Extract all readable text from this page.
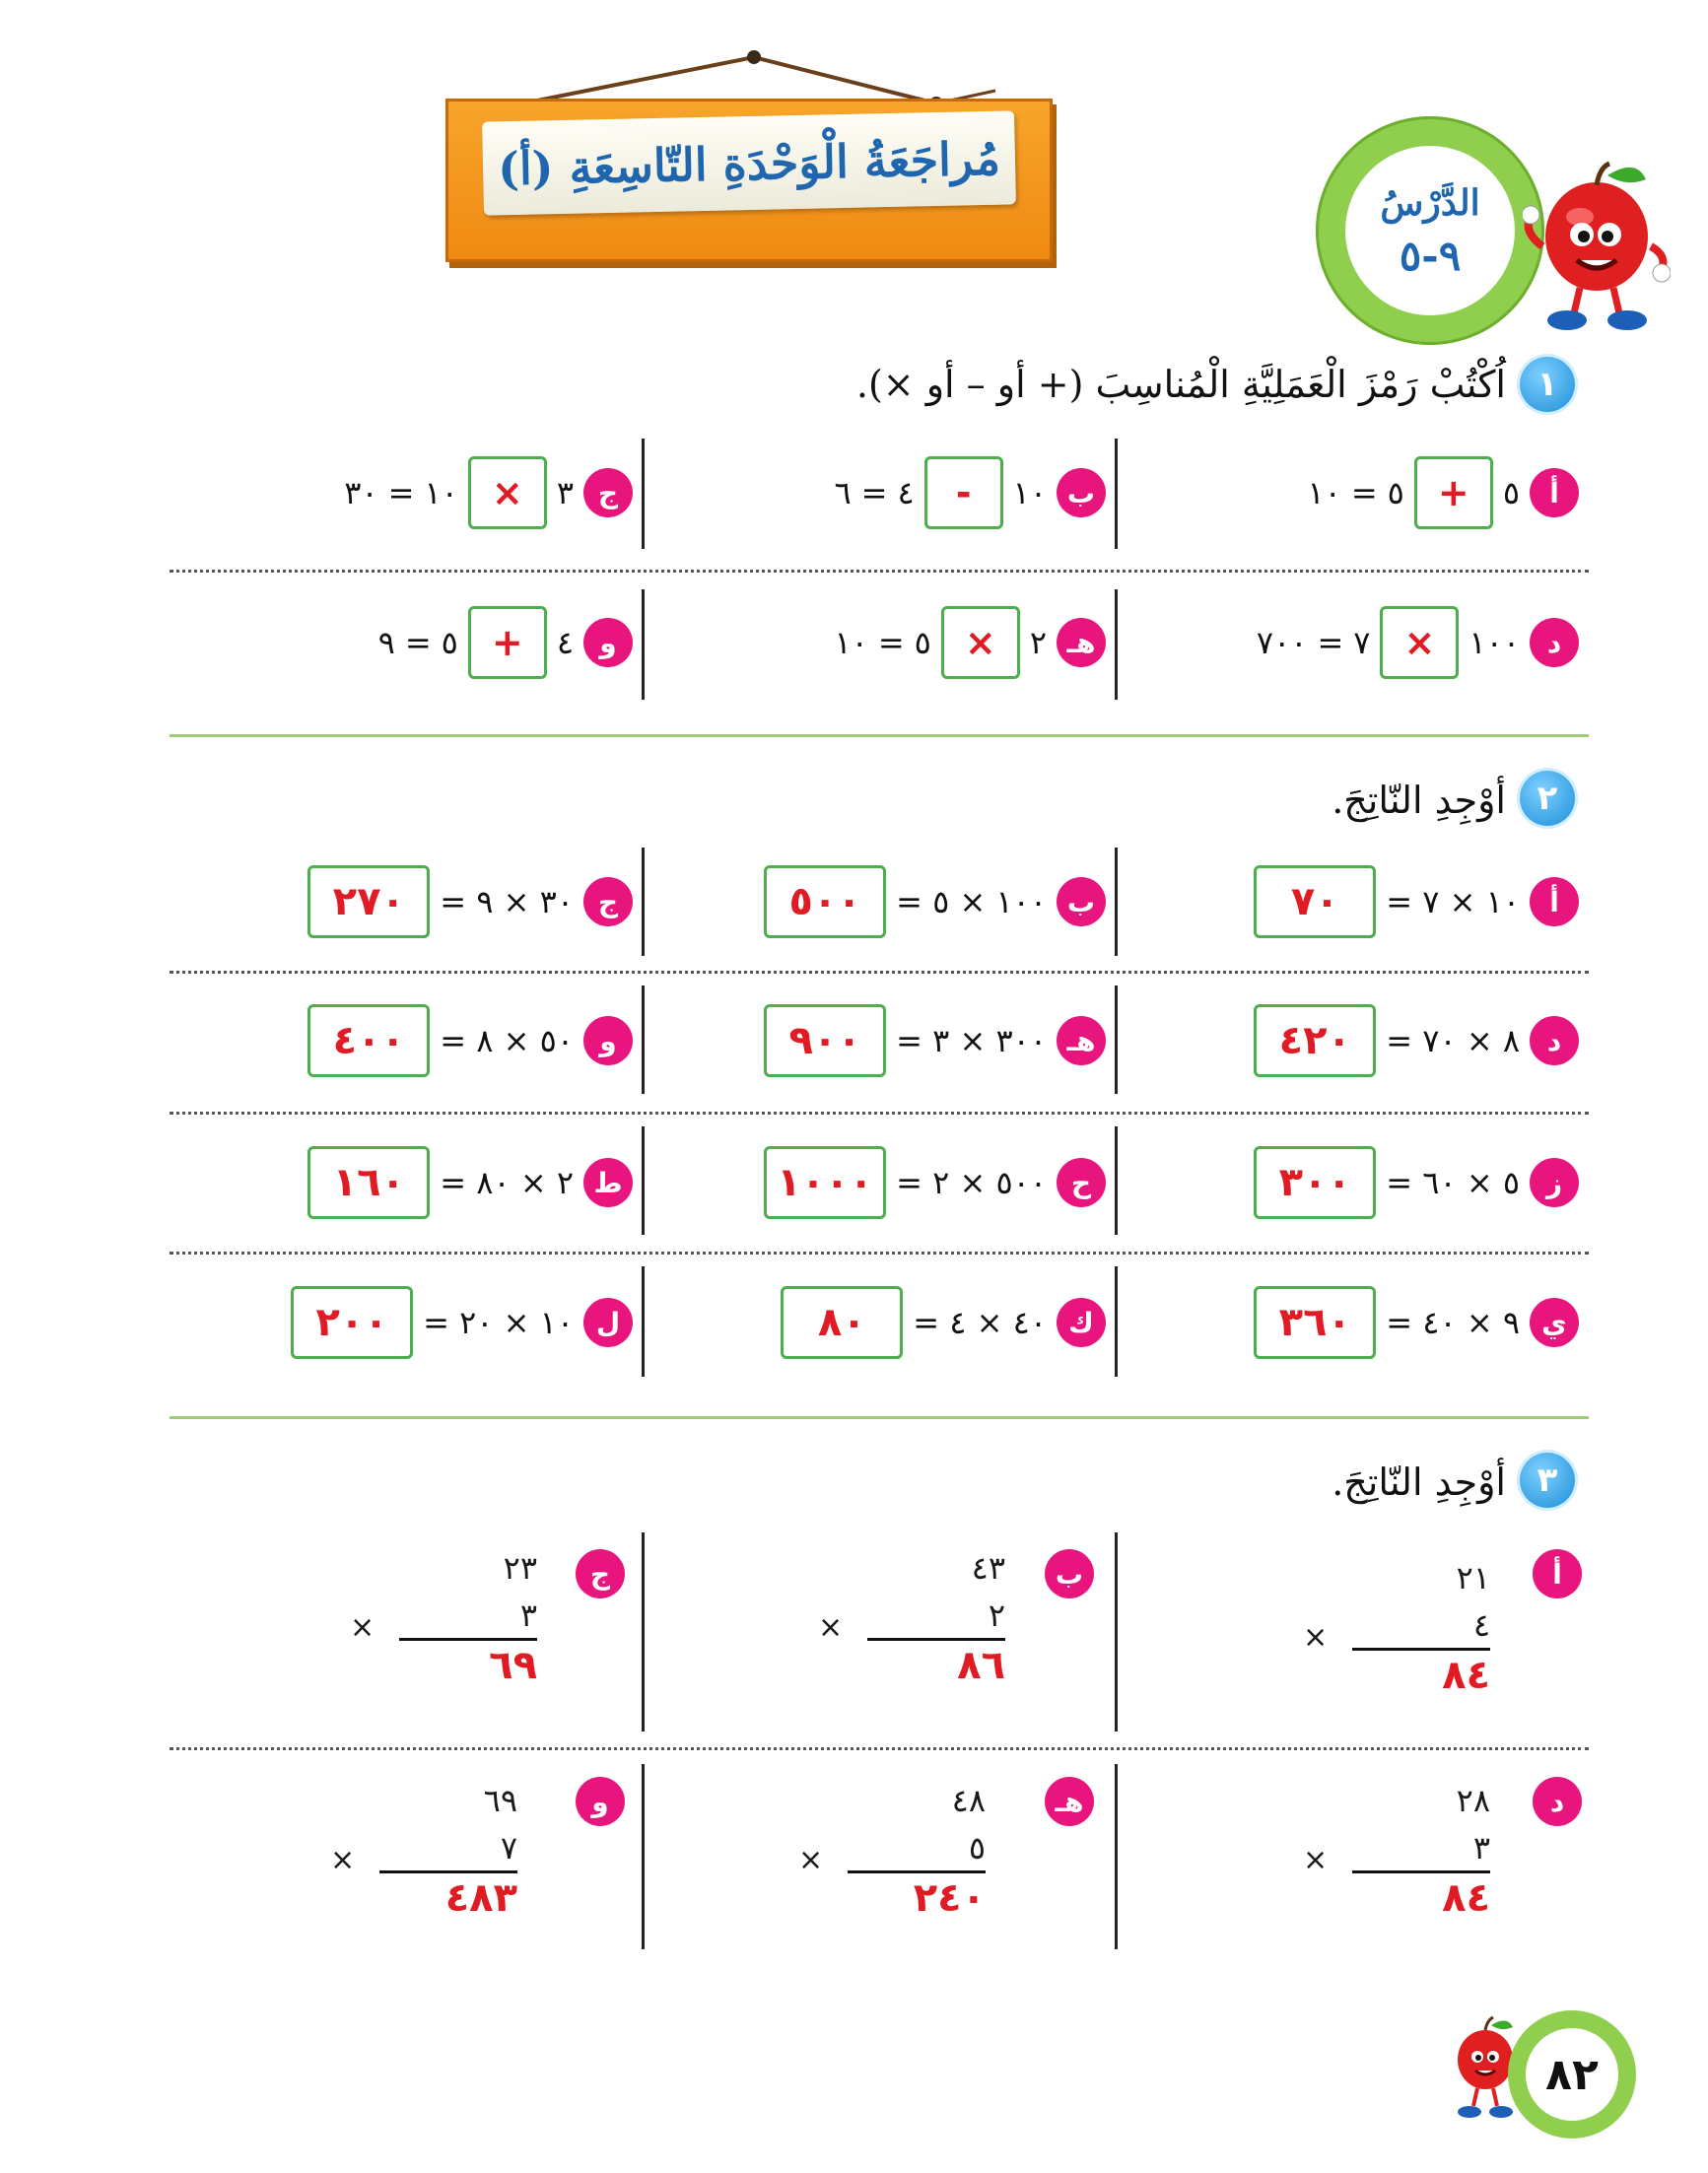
مُراجَعَةُ الْوَحْدَةِ التّاسِعَةِ (أ)
الدَّرْسُ
٩-٥
١
اُكْتُبْ رَمْزَ الْعَمَلِيَّةِ الْمُناسِبَ (+ أو – أو ×).
أ
٥
+
٥
=
١٠
ب
١٠
-
٤
=
٦
ج
٣
×
١٠
=
٣٠
د
١٠٠
×
٧
=
٧٠٠
هـ
٢
×
٥
=
١٠
و
٤
+
٥
=
٩
٢
أوْجِدِ النّاتِجَ.
أ
١٠ × ٧ =
٧٠
ب
١٠٠ × ٥ =
٥٠٠
ج
٣٠ × ٩ =
٢٧٠
د
٨ × ٧٠ =
٤٢٠
هـ
٣٠٠ × ٣ =
٩٠٠
و
٥٠ × ٨ =
٤٠٠
ز
٥ × ٦٠ =
٣٠٠
ح
٥٠٠ × ٢ =
١٠٠٠
ط
٢ × ٨٠ =
١٦٠
ي
٩ × ٤٠ =
٣٦٠
ك
٤٠ × ٤ =
٨٠
ل
١٠ × ٢٠ =
٢٠٠
٣
أوْجِدِ النّاتِجَ.
أ
٢١
٤
٨٤
×
ب
٤٣
٢
٨٦
×
ج
٢٣
٣
٦٩
×
د
٢٨
٣
٨٤
×
هـ
٤٨
٥
٢٤٠
×
و
٦٩
٧
٤٨٣
×
٨٢
